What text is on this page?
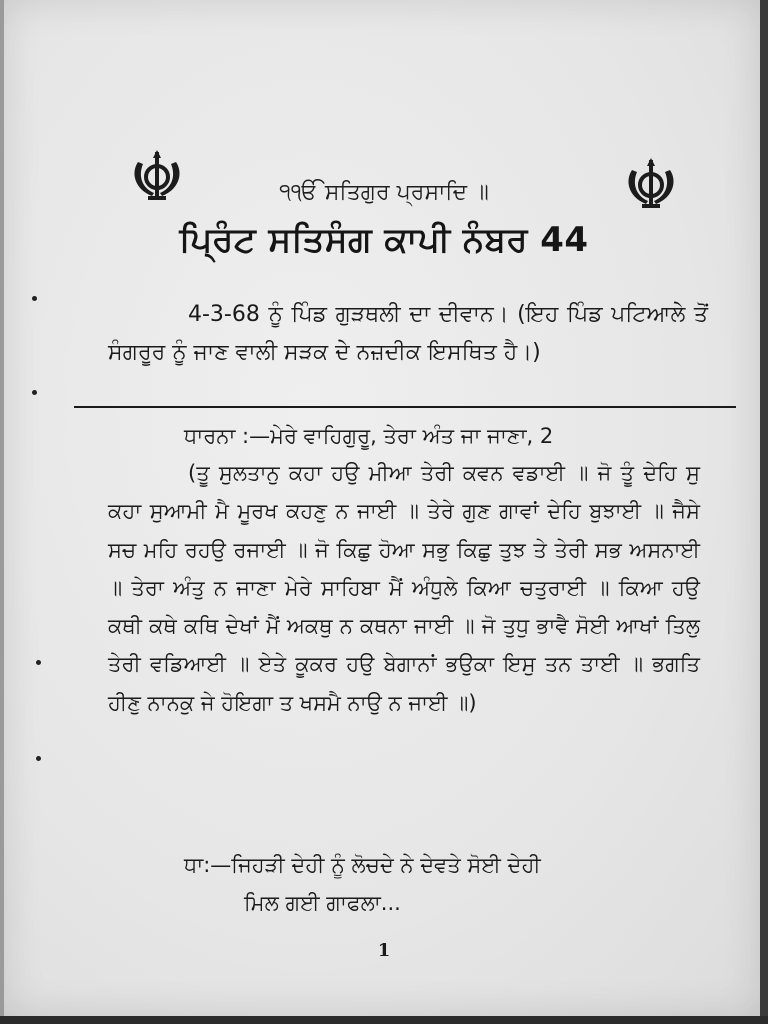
੧ੴ ਸਤਿਗੁਰ ਪ੍ਰਸਾਦਿ ॥
ਪ੍ਰਿੰਟ ਸਤਿਸੰਗ ਕਾਪੀ ਨੰਬਰ 44
4-3-68 ਨੂੰ ਪਿੰਡ ਗੁੜਥਲੀ ਦਾ ਦੀਵਾਨ। (ਇਹ ਪਿੰਡ ਪਟਿਆਲੇ ਤੋਂ ਸੰਗਰੂਰ ਨੂੰ ਜਾਣ ਵਾਲੀ ਸੜਕ ਦੇ ਨਜ਼ਦੀਕ ਇਸਥਿਤ ਹੈ।)
ਧਾਰਨਾ :—ਮੇਰੇ ਵਾਹਿਗੁਰੂ, ਤੇਰਾ ਅੰਤ ਜਾ ਜਾਣਾ, 2
(ਤੂ ਸੁਲਤਾਨੁ ਕਹਾ ਹਉ ਮੀਆ ਤੇਰੀ ਕਵਨ ਵਡਾਈ ॥ ਜੋ ਤੂੰ ਦੇਹਿ ਸੁ ਕਹਾ ਸੁਆਮੀ ਮੈ ਮੂਰਖ ਕਹਣੁ ਨ ਜਾਈ ॥ ਤੇਰੇ ਗੁਣ ਗਾਵਾਂ ਦੇਹਿ ਬੁਝਾਈ ॥ ਜੈਸੇ ਸਚ ਮਹਿ ਰਹਉ ਰਜਾਈ ॥ ਜੋ ਕਿਛੁ ਹੋਆ ਸਭੁ ਕਿਛੁ ਤੁਝ ਤੇ ਤੇਰੀ ਸਭ ਅਸਨਾਈ ॥ ਤੇਰਾ ਅੰਤੁ ਨ ਜਾਣਾ ਮੇਰੇ ਸਾਹਿਬਾ ਮੈਂ ਅੰਧੁਲੇ ਕਿਆ ਚਤੁਰਾਈ ॥ ਕਿਆ ਹਉ ਕਥੀ ਕਥੇ ਕਥਿ ਦੇਖਾਂ ਮੈਂ ਅਕਥੁ ਨ ਕਥਨਾ ਜਾਈ ॥ ਜੋ ਤੁਧੁ ਭਾਵੈ ਸੋਈ ਆਖਾਂ ਤਿਲੁ ਤੇਰੀ ਵਡਿਆਈ ॥ ਏਤੇ ਕੂਕਰ ਹਉ ਬੇਗਾਨਾਂ ਭਉਕਾ ਇਸੁ ਤਨ ਤਾਈ ॥ ਭਗਤਿ ਹੀਣੁ ਨਾਨਕੁ ਜੇ ਹੋਇਗਾ ਤ ਖਸਮੈ ਨਾਉ ਨ ਜਾਈ ॥)
ਧਾ:—ਜਿਹੜੀ ਦੇਹੀ ਨੂੰ ਲੋਚਦੇ ਨੇ ਦੇਵਤੇ ਸੋਈ ਦੇਹੀ
ਮਿਲ ਗਈ ਗਾਫਲਾ...
1
